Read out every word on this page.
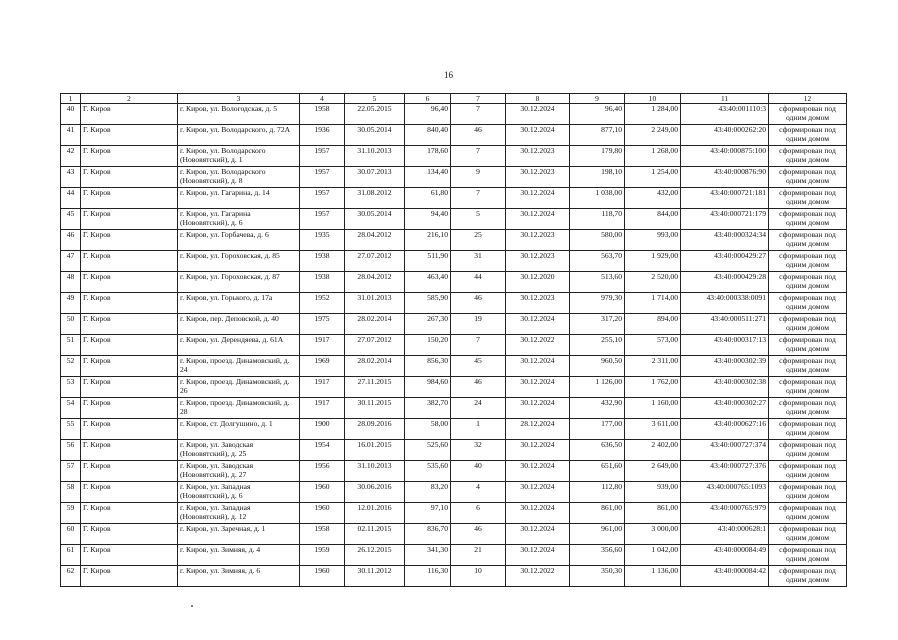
16
1	2	3	4	5	6	7	8	9	10	11	12
40	Г. Киров	г. Киров, ул. Вологодская, д. 5	1958	22.05.2015	96,40	7	30.12.2024	96,40	1 284,00	43:40:001110:3	сформирован под одним домом
41	Г. Киров	г. Киров, ул. Володарского, д. 72А	1936	30.05.2014	840,40	46	30.12.2024	877,10	2 249,00	43:40:000262:20	сформирован под одним домом
42	Г. Киров	г. Киров, ул. Володарского (Нововятский), д. 1	1957	31.10.2013	178,60	7	30.12.2023	179,80	1 268,00	43:40:000875:100	сформирован под одним домом
43	Г. Киров	г. Киров, ул. Володарского (Нововятский), д. 8	1957	30.07.2013	134,40	9	30.12.2023	198,10	1 254,00	43:40:000876:90	сформирован под одним домом
44	Г. Киров	г. Киров, ул. Гагарина, д. 14	1957	31.08.2012	61,80	7	30.12.2024	1 038,00	432,00	43:40:000721:181	сформирован под одним домом
45	Г. Киров	г. Киров, ул. Гагарина (Нововятский), д. 6	1957	30.05.2014	94,40	5	30.12.2024	118,70	844,00	43:40:000721:179	сформирован под одним домом
46	Г. Киров	г. Киров, ул. Горбачева, д. 6	1935	28.04.2012	216,10	25	30.12.2023	580,00	993,00	43:40:000324:34	сформирован под одним домом
47	Г. Киров	г. Киров, ул. Гороховская, д. 85	1938	27.07.2012	511,90	31	30.12.2023	563,70	1 929,00	43:40:000429:27	сформирован под одним домом
48	Г. Киров	г. Киров, ул. Гороховская, д. 87	1938	28.04.2012	463,40	44	30.12.2020	513,60	2 520,00	43:40:000429:28	сформирован под одним домом
49	Г. Киров	г. Киров, ул. Горького, д. 17а	1952	31.01.2013	585,90	46	30.12.2023	979,30	1 714,00	43:40:000338:0091	сформирован под одним домом
50	Г. Киров	г. Киров, пер. Деповской, д. 40	1975	28.02.2014	267,30	19	30.12.2024	317,20	894,00	43:40:000511:271	сформирован под одним домом
51	Г. Киров	г. Киров, ул. Дерендяева, д. 61А	1917	27.07.2012	150,20	7	30.12.2022	255,10	573,00	43:40:000317:13	сформирован под одним домом
52	Г. Киров	г. Киров, проезд. Динамовский, д. 24	1969	28.02.2014	856,30	45	30.12.2024	960,50	2 311,00	43:40:000302:39	сформирован под одним домом
53	Г. Киров	г. Киров, проезд. Динамовский, д. 26	1917	27.11.2015	984,60	46	30.12.2024	1 126,00	1 762,00	43:40:000302:38	сформирован под одним домом
54	Г. Киров	г. Киров, проезд. Динамовский, д. 28	1917	30.11.2015	382,70	24	30.12.2024	432,90	1 160,00	43:40:000302:27	сформирован под одним домом
55	Г. Киров	г. Киров, ст. Долгушино, д. 1	1900	28.09.2016	58,00	1	28.12.2024	177,00	3 611,00	43:40:000627:16	сформирован под одним домом
56	Г. Киров	г. Киров, ул. Заводская (Нововятский), д. 25	1954	16.01.2015	525,60	32	30.12.2024	636,50	2 402,00	43:40:000727:374	сформирован под одним домом
57	Г. Киров	г. Киров, ул. Заводская (Нововятский), д. 27	1956	31.10.2013	535,60	40	30.12.2024	651,60	2 649,00	43:40:000727:376	сформирован под одним домом
58	Г. Киров	г. Киров, ул. Западная (Нововятский), д. 6	1960	30.06.2016	83,20	4	30.12.2024	112,80	939,00	43:40:000765:1093	сформирован под одним домом
59	Г. Киров	г. Киров, ул. Западная (Нововятский), д. 12	1960	12.01.2016	97,10	6	30.12.2024	861,00	861,00	43:40:000765:979	сформирован под одним домом
60	Г. Киров	г. Киров, ул. Заречная, д. 1	1958	02.11.2015	836,70	46	30.12.2024	961,00	3 000,00	43:40:000628:1	сформирован под одним домом
61	Г. Киров	г. Киров, ул. Зимняя, д. 4	1959	26.12.2015	341,30	21	30.12.2024	356,60	1 042,00	43:40:000084:49	сформирован под одним домом
62	Г. Киров	г. Киров, ул. Зимняя, д. 6	1960	30.11.2012	116,30	10	30.12.2022	350,30	1 136,00	43:40:000084:42	сформирован под одним домом
